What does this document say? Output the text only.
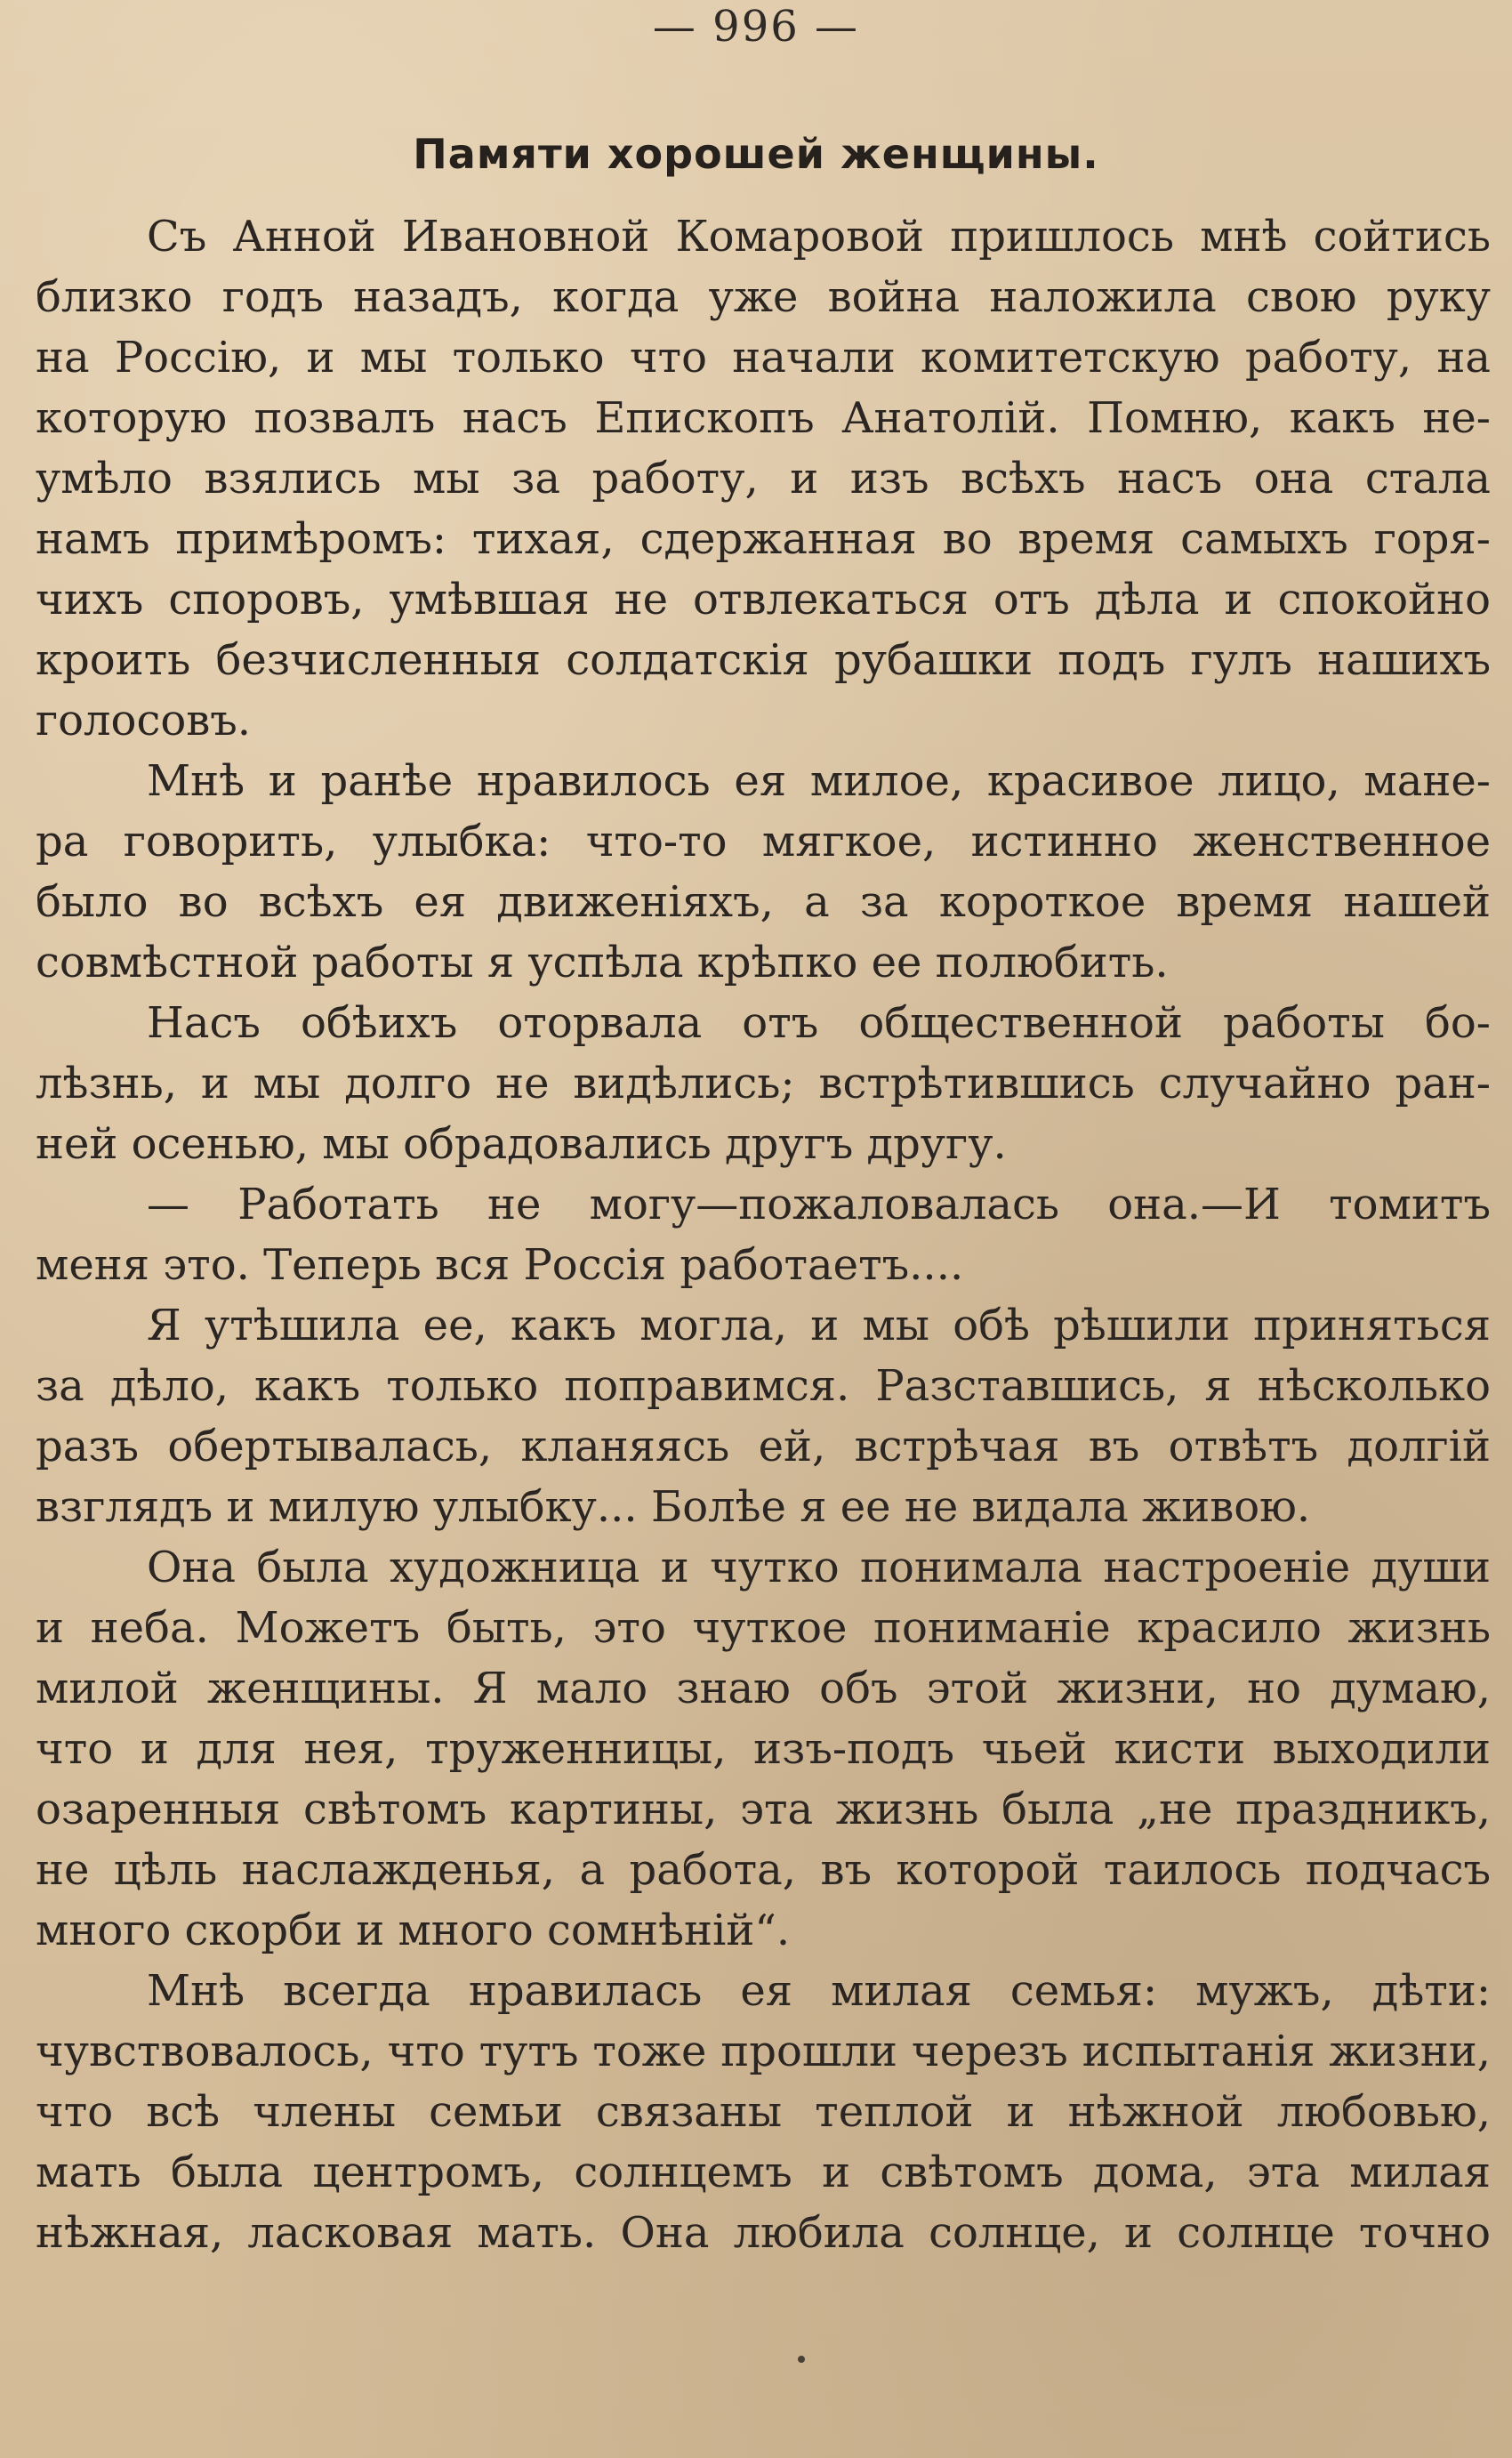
— 996 —
Памяти хорошей женщины.
Съ Анной Ивановной Комаровой пришлось мнѣ сойтись
близко годъ назадъ, когда уже война наложила свою руку
на Россію, и мы только что начали комитетскую работу, на
которую позвалъ насъ Епископъ Анатолій. Помню, какъ не-
умѣло взялись мы за работу, и изъ всѣхъ насъ она стала
намъ примѣромъ: тихая, сдержанная во время самыхъ горя-
чихъ споровъ, умѣвшая не отвлекаться отъ дѣла и спокойно
кроить безчисленныя солдатскія рубашки подъ гулъ нашихъ
голосовъ.
Мнѣ и ранѣе нравилось ея милое, красивое лицо, мане-
ра говорить, улыбка: что-то мягкое, истинно женственное
было во всѣхъ ея движеніяхъ, а за короткое время нашей
совмѣстной работы я успѣла крѣпко ее полюбить.
Насъ обѣихъ оторвала отъ общественной работы бо-
лѣзнь, и мы долго не видѣлись; встрѣтившись случайно ран-
ней осенью, мы обрадовались другъ другу.
— Работать не могу—пожаловалась она.—И томитъ
меня это. Теперь вся Россія работаетъ....
Я утѣшила ее, какъ могла, и мы обѣ рѣшили приняться
за дѣло, какъ только поправимся. Разставшись, я нѣсколько
разъ обертывалась, кланяясь ей, встрѣчая въ отвѣтъ долгій
взглядъ и милую улыбку... Болѣе я ее не видала живою.
Она была художница и чутко понимала настроеніе души
и неба. Можетъ быть, это чуткое пониманіе красило жизнь
милой женщины. Я мало знаю объ этой жизни, но думаю,
что и для нея, труженницы, изъ-подъ чьей кисти выходили
озаренныя свѣтомъ картины, эта жизнь была „не праздникъ,
не цѣль наслажденья, а работа, въ которой таилось подчасъ
много скорби и много сомнѣній“.
Мнѣ всегда нравилась ея милая семья: мужъ, дѣти:
чувствовалось, что тутъ тоже прошли черезъ испытанія жизни,
что всѣ члены семьи связаны теплой и нѣжной любовью,
мать была центромъ, солнцемъ и свѣтомъ дома, эта милая
нѣжная, ласковая мать. Она любила солнце, и солнце точно
